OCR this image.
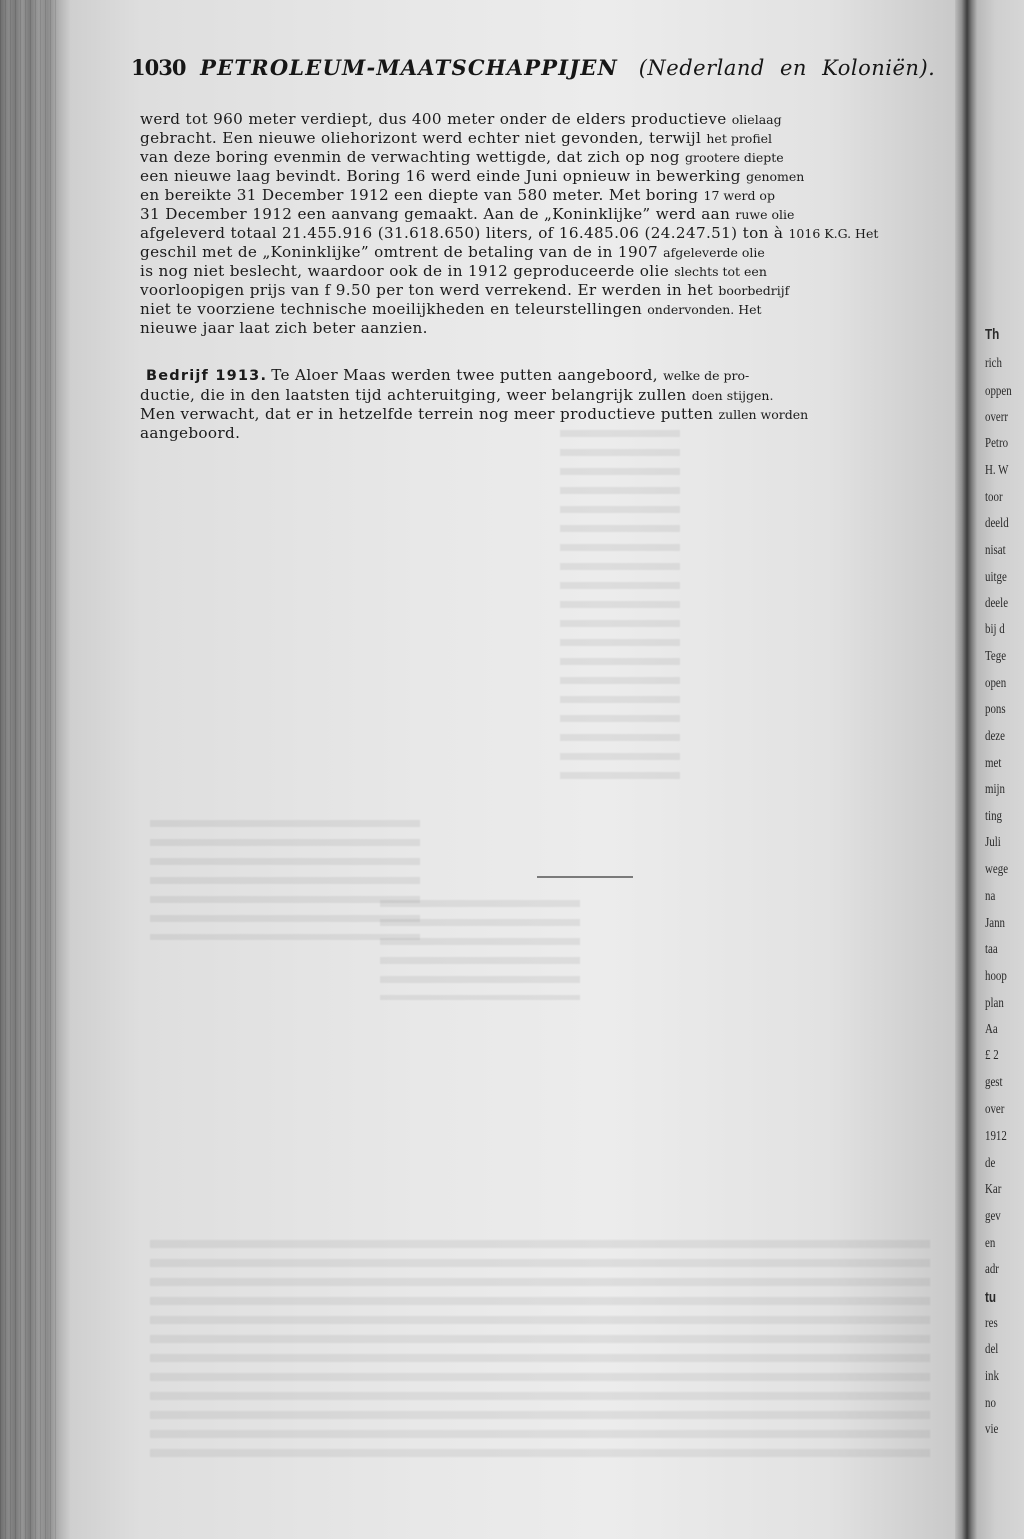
1030 PETROLEUM-MAATSCHAPPIJEN (Nederland en Koloniën).
werd tot 960 meter verdiept, dus 400 meter onder de elders productieve olielaag
gebracht. Een nieuwe oliehorizont werd echter niet gevonden, terwijl het profiel
van deze boring evenmin de verwachting wettigde, dat zich op nog grootere diepte
een nieuwe laag bevindt. Boring 16 werd einde Juni opnieuw in bewerking genomen
en bereikte 31 December 1912 een diepte van 580 meter. Met boring 17 werd op
31 December 1912 een aanvang gemaakt. Aan de „Koninklijke” werd aan ruwe olie
afgeleverd totaal 21.455.916 (31.618.650) liters, of 16.485.06 (24.247.51) ton à 1016 K.G. Het
geschil met de „Koninklijke” omtrent de betaling van de in 1907 afgeleverde olie
is nog niet beslecht, waardoor ook de in 1912 geproduceerde olie slechts tot een
voorloopigen prijs van f 9.50 per ton werd verrekend. Er werden in het boorbedrijf
niet te voorziene technische moeilijkheden en teleurstellingen ondervonden. Het
nieuwe jaar laat zich beter aanzien.
Bedrijf 1913. Te Aloer Maas werden twee putten aangeboord, welke de pro-
ductie, die in den laatsten tijd achteruitging, weer belangrijk zullen doen stijgen.
Men verwacht, dat er in hetzelfde terrein nog meer productieve putten zullen worden
aangeboord.
Th
rich
oppen
overr
Petro
H. W
toor
deeld
nisat
uitge
deele
bij d
Tege
open
pons
deze
met
mijn
ting
Juli
wege
na
Jann
taa
hoop
plan
Aa
£ 2
gest
over
1912
de
Kar
gev
en
adr
tu
res
del
ink
no
vie
